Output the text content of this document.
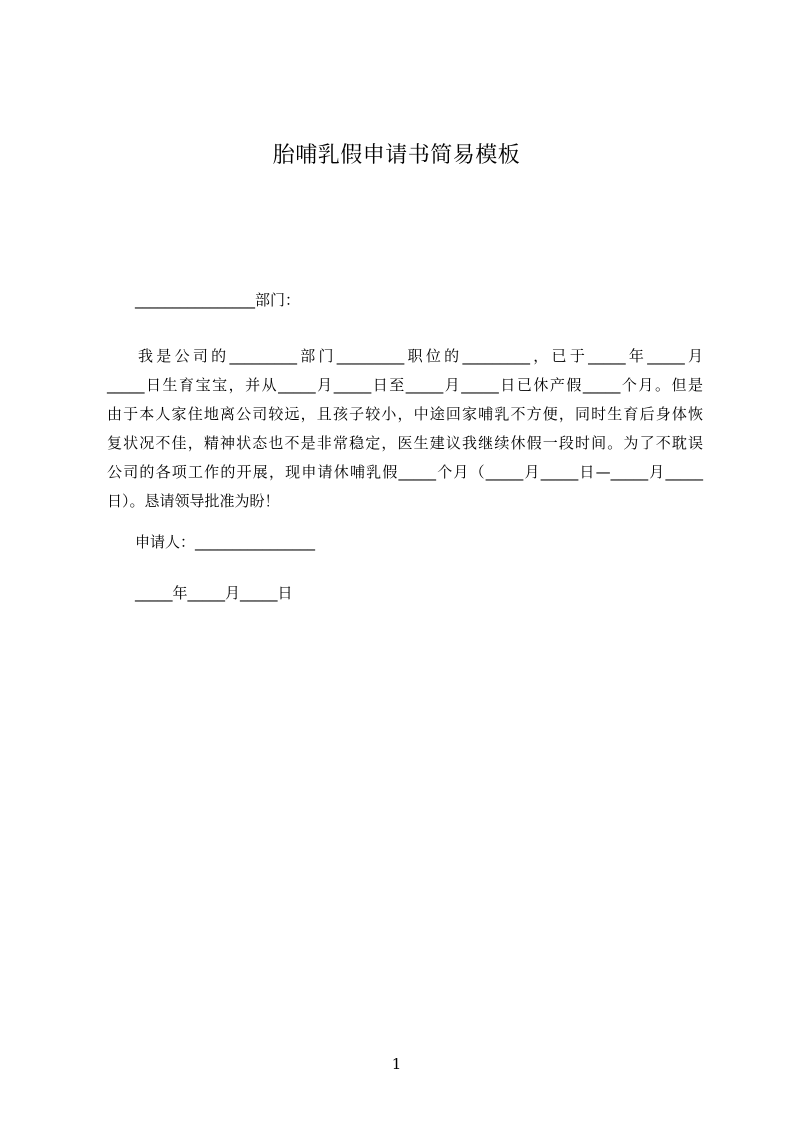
胎哺乳假申请书简易模板
________________部门：
我是公司的_________部门_________职位的_________，已于_____年_____月
_____日生育宝宝，并从_____月_____日至_____月_____日已休产假_____个月。但是
由于本人家住地离公司较远，且孩子较小，中途回家哺乳不方便，同时生育后身体恢
复状况不佳，精神状态也不是非常稳定，医生建议我继续休假一段时间。为了不耽误
公司的各项工作的开展，现申请休哺乳假_____个月（_____月_____日—_____月_____
日）。恳请领导批准为盼！
申请人：________________
_____年_____月_____日
1
